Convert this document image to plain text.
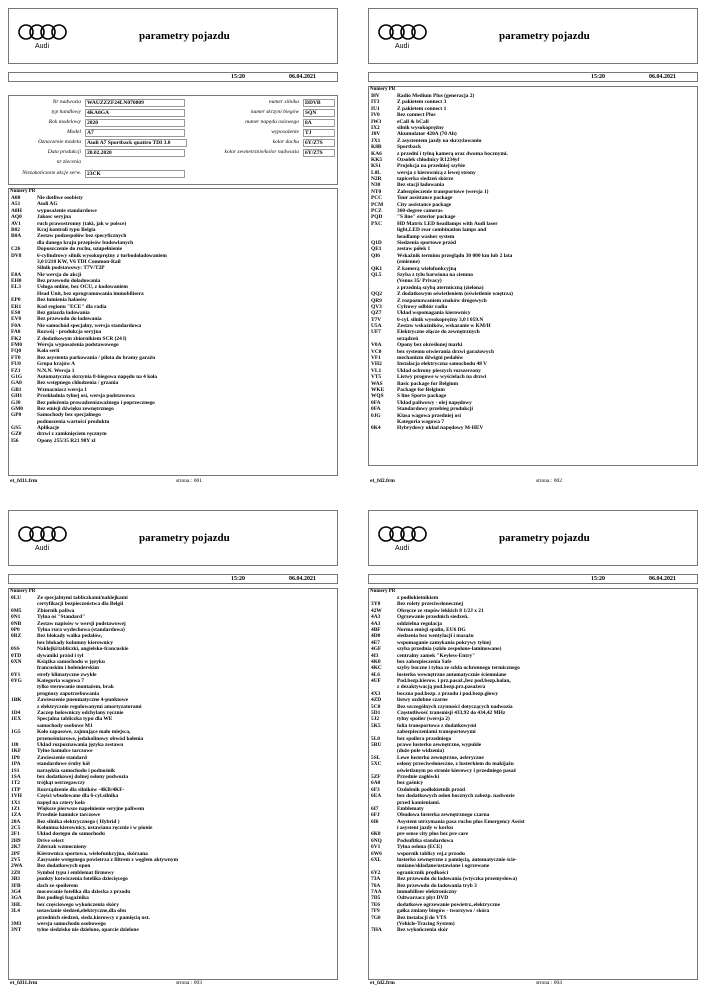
Audi
parametry pojazdu
15:20	06.04.2021
Nr nadwozia	WAUZZZF24LN070809	numer silnika	DDVB
typ handlowy	4KA0GA	numer skrzyni biegów	SQN
Rok modelowy	2020	numer napędu osiowego	8A
Model	A7	wyposażenie	TJ
Oznaczenie modelu	Audi A7 Sportback quattro TDI 3.0	kolor dachu	6Y/Z7S
Data produkcji	20.02.2020	kolor zewnetrznie/kolor nadwozia	6Y/Z7S
nr zlecenia
Niezakończone akcje serw.	23CK
Numery PR
A00	Nie dotliwe osobisty
A51	Audi AG
A8H	wyposażenie standardowe
AQ0	Jakosc seryjna
AV1	ruch prawostronny (taki, jak w polsce)
B02	Kraj kontroli typu Belgia
B0A	Zestaw podzespołów bez specyficznych
dla danego kraju przepisów budowlanych
C26	Dopuszczenie do ruchu, uzupełnienie
DV8	6-cylindrowy silnik wysokoprężny z turbodoładowaniem
3,0 l/210 KW, V6 TDI Common-Rail
Silnik podstawowy: T7V/T2P
E0A	Nie wersja do akcji
EH0	Bez przewodu doładowania
EL3	Usługa online, bez OCU, z kodowaniem
Head Unit, bez oprogramowania immobilisera
EP0	Bez łumienia hałasów
ER1	Kod regionu "ECE" dla radia
ES0	Bez gniazda ładowania
EV0	Bez przewodu do ładowania
F0A	Nie samochód specjalny, wersja standardowa
FA0	Rozwój - produkcja seryjna
FK2	Z dodatkowym zbiornikiem SCR (24 l)
FM0	Wersja wyposażenia podstawowego
FQ0	Koła serii
FT0	Bez asystenta parkowania / pilota do bramy garażu
FU0	Grupa krajów A
FZ1	N.N.N. Wersja 1
G1G	Automatyczna skrzynia 8-biegowa napędu na 4 koła
GA0	Bez wstępnego chłodzenia / grzania
GB1	Wzmacniacz wersja 1
GH1	Przekładnia tylnej osi, wersja podstawowa
GJ0	Bez położenia prowadzeniaważnego i poprzecznego
GM0	Bez emisji dźwięku zewnętrznego
GP0	Samochody bez specjalnego
podnoszenia wartości produktu
GS5	Aplikacje
GZ0	drzwi z zamknięciem ręcznym
I56	Opony 255/35 R21 98Y xl
et_fd11.frm	strona : 001
Audi
parametry pojazdu
15:20	06.04.2021
Numery PR
I8V	Radio Medium Plus (generacja 2)
IT3	Z pakietem connect 3
IU1	Z pakietem connect 1
IV0	Bez connect Plus
IW3	eCall & bCall
IX2	silnik wysokoprężny
J0V	Akumulator 420A (70 Ah)
JX1	Z asystentem jazdy na skrzyżowaniu
K8R	Sportback
KA6	z przedni i tylną kamerą oraz dwoma bocznymi.
KK5	Ozsolek chłodnicy R1234yf
KS1	Projekcja na przedniej szybie
L0L	wersja z kierownicą z lewej strony
N2R	tapicerka siedzeń skórze
N30	Bez stacji ładowania
NT0	Zabezpieczenie transportowe (wersja 1)
PCC	Tour assistance package
PCM	City assistance package
PCZ	360-degree cameras
PQD	"S line" exterior package
PXC	HD Matrix LED headlamps with Audi laser
light,LED rear combination lamps and
headlamp washer system
Q1D	Siedzenia sportowe przód
QE1	zestaw półek 1
QI6	Wskaźnik terminu przeglądu 30 000 km lub 2 lata
(zmienne)
QK1	Z kamerą wielofunkcyjną
QL5	Szyba z tyłu barwiona na ciemno
(Venus 35/ Privacy)
z przednią szybą atermiczną (zielona)
QQ2	Z dodatkowym oświetleniem (oświetlenie wnętrza)
QR9	Z rozpoznawaniem znaków drogowych
QV3	Cyfrowy odbiór radia
QZ7	Układ wspomagania kierownicy
T7V	6-cyl. silnik wysokoprężny 3,0 l 059.N
U5A	Zestaw wskaźników, wskazanie w KM/H
UF7	Elektryczne złącze do zewnętrznych
urządzeń
V0A	Opony bez określonej marki
VC0	bez systemu otwierania drzwi garażowych
VF1	mechanizm dźwigni pedałów
VH2	Instalacja elektryczna samochodu 48 V
VL1	Układ ochrony pieszych rozszerzony
VT5	Listwy progowe w wyścielach na drzwi
WAS	Basic package for Belgium
WKE Package for Belgium
WQS S line Sports package
0FA	Układ paliwowy - olej napędowy
0FA	Standardowy przebieg produkcji
0JG	Klasa wagowa przedniej osi
Kategoria wagowa 7
0K4	Hybrydowy układ napędowy M-HEV
et_fd2.frm	strona : 002
Audi
parametry pojazdu
15:20	06.04.2021
Numery PR
0LU	Ze specjalnymi tabliczkami/naklejkami
certyfikacji bezpieczeństwa dla Belgii
0M5	Zbiornik paliwa
0N1	Tylna oś "Standard"
0NB	Zestaw napisów w wersji podstawowej
0P0	Tylna rura wydechowa (standardowa)
0RZ	Bez blokady wałka pedałów,
bez blokady kolumny kierownicy
0SS	Naklejki/tabliczki, angielsko-francuskie
0TD	dywaniki przód i tył
0XN	Książka samochodu w języku
francuskim i holenderskim
0Y1	strefy klimatyczne zwykłe
0YG	Kategoria wagowa 7
tylko sterowanie montażem, brak
prognozy zapotrzebowania
1BK	Zawieszenie pneumatyczne 4-punktowe
z elektrycznie regulowanymi amortyzatorami
1D4	Zaczep holowniczy odchylany ręcznie
1EX	Specjalna tabliczka typu dla WE
samochody osobowe M1
1G5	Koło zapasowe, zajmujące mało miejsca,
przenośmiarowe, jedakolinowy obwód kołenia
1I0	Układ rozpoznawania języka zestawu
1KF	Tylne hamulce tarczowe
1P0	Zawieszenie standard
1PA	standardowe śruby kół
1S1	narzędzia samochodu i podnośnik
1SA	bez dodatkowej dolnej osłony podwozia
1T2	trójkąt ostrzegawczy
1TP	Rozrządzenie dla silników -4KB/4KF-
1VH	Części wbudowane dla 6-cyl.silnika
1X1	napęd na cztery koła
1Z1	Większe pierwsze napełnienie seryjne paliwem
1ZA	Przednie hamulce tarczowe
20A	Bez silnika elektrycznego ( Hybrid )
2C5	Kolumna kierownicy, ustawiana ręcznie i w pionie
2F1	Układ dostępu do samochodu
2H9	Drive select
2K7	Zderzak wzmocniony
2PF	Kierownica sportowa, wielofunkcyjna, skórzana
2V5	Zasysanie wstępnego powietrza z filtrem z węglem aktywnym
2WA	Bez dodatkowych opon
2Z8	Symbol typu i emblemat firmowy
3B3	punkty kotwiczenia fotelika dziecięcego
3FB	dach ze spoilerem
3G4	mocowanie fotelika dla dziecka z przodu
3GA	Bez podłogi bagażnika
3HL	bez częściowego wykończenia skóry
3L4	ustawianie siedzeń,elektryczne,dla obu
przednich siedzeń, siedz.kierowcy z pamięcią ust.
3M3	wersja samochodu osobowego
3NT	tylne siedzisko nie dzielone, oparcie dzielone
et_fd11.frm	strona : 003
Audi
parametry pojazdu
15:20	06.04.2021
Numery PR
z podłokietnikiem
3Y0	Bez rolety przeciwsłonecznej
42W	Obręcze ze stopów lekkich 8 1/2J x 21
4A3	Ogrzewanie przednich siedzeń.
4A3	oddzielna regulacja
4BF	Norma emisji spalin, EU6 DG
4D0	siedzenia bez wentylacji i masażu
4E7	wspomaganie zamykania pokrywy tylnej
4GF	szyba przednia (szkło zespolone-laminowane)
4I3	centralny zamek "Keyless-Entry"
4K0	bez zabezpieczenia Safe
4KC	szyby boczne i tylna ze szkła ochronnego termicznego
4L6	lusterko wewnętrzne automatycznie ściemniane
4UF	Pod.bezp.kierow. i prz.pasaż.,bez pod.bezp.kolan,
z dezaktywacją pod.bezp.prz.pasażera
4X3	boczna pod.bezp. z przodu i pod.bezp.głowy
4ZD	listwy ozdobne czarne
5C0	Bez szczególnych czynności dotyczących nadwozia
5D1	Częstotliwość transmisji 433,92 do 434,42 MHz
5J2	tylny spoiler (wersja 2)
5K5	folia transportowa z dodatkowymi
zabezpieczeniami transportowymi
5L0	bez spoilera przedniego
5RU	prawe lusterko zewnętrzne, wypukłe
(duże pole widzenia)
5SL	Lewe lusterko zewnętrzne, asferyczne
5XC	osłony przeciwsłoneczne, z lusterkiem do makijażu
oświetlanym po stronie kierowcy i przedniego pasaż
5ZF	Przednie zagłówki
6A0	bez gaśnicy
6F3	Ozdobnik podłokietnik przód
6EA	bez dodatkowych osłon bocznych zabezp. nadwozie
przed kamieniami.
6I7	Emblematy
6FJ	Obudowa lusterka zewnętrznego czarna
6I6	Asystent utrzymania pasa ruchu plus Emergency Assist
i asystent jazdy w korku
6K8	pre sense city plus bez pre care
6NQ	Podsufitka standardowa
6V1	Tylna osłona (ECE)
6W6	wspornik tablicy rej.z przodu
6XL	lusterko zewnętrzne z pamięcią, automatycznie ście-
mniane/składane/ustawiane i ogrzewane
6Y2	ogranicznik prędkości
73A	Bez przewodu do ładowania (wtyczka przemysłowa)
76A	Bez przewodu do ładowania tryb 3
7AA	immobiliser elektroniczny
7D5	Odtwarzacz płyt DVD
7E6	dodatkowe ogrzewanie powietrz.,elektryczne
7F9	gałka zmiany biegów - tworzywo / skóra
7G0	Bez instalacji do VTS
(Vehicle-Tracing System)
7HA	Bez wykończenia skór
et_fd2.frm	strona : 004
